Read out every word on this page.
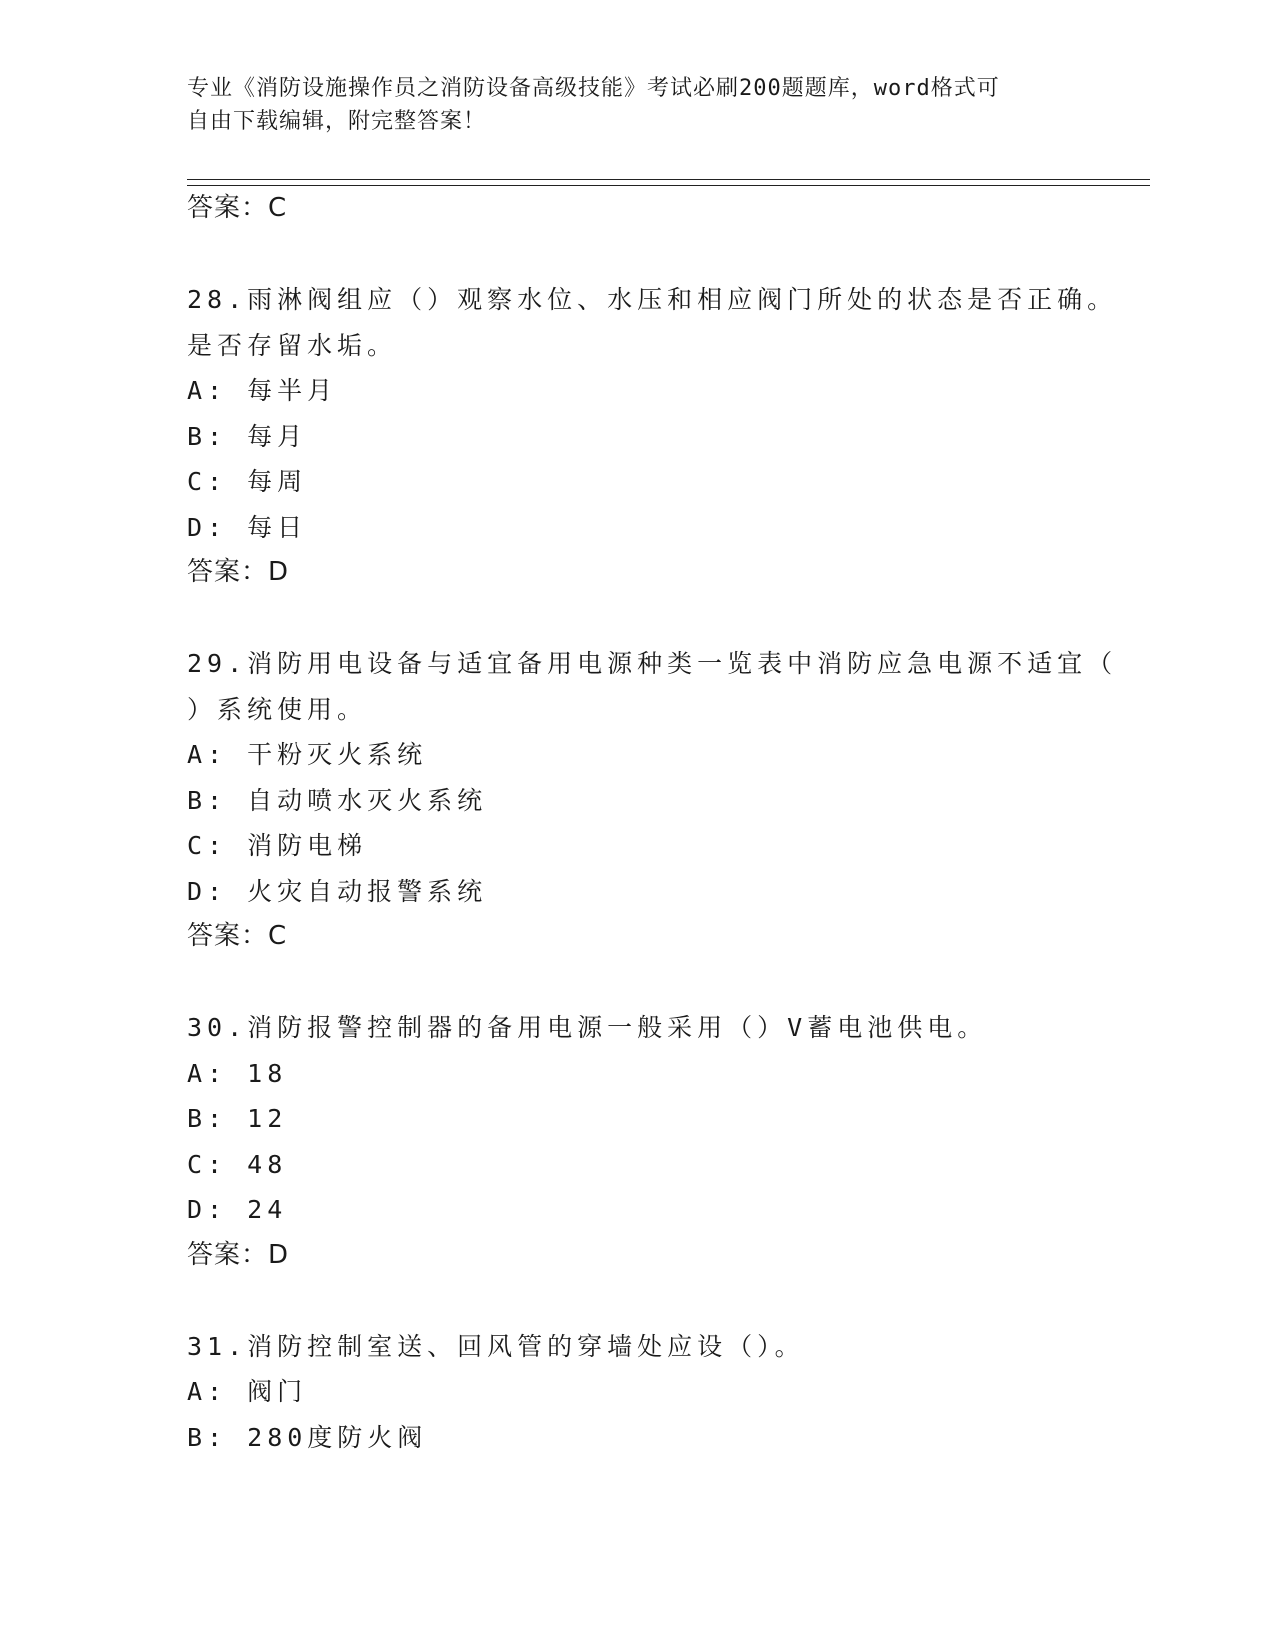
专业《消防设施操作员之消防设备高级技能》考试必刷200题题库，word格式可
自由下载编辑，附完整答案！
答案：C
28.雨淋阀组应（）观察水位、水压和相应阀门所处的状态是否正确。
是否存留水垢。
A: 每半月
B: 每月
C: 每周
D: 每日
答案：D
29.消防用电设备与适宜备用电源种类一览表中消防应急电源不适宜（
）系统使用。
A: 干粉灭火系统
B: 自动喷水灭火系统
C: 消防电梯
D: 火灾自动报警系统
答案：C
30.消防报警控制器的备用电源一般采用（）V蓄电池供电。
A: 18
B: 12
C: 48
D: 24
答案：D
31.消防控制室送、回风管的穿墙处应设（）。
A: 阀门
B: 280度防火阀
